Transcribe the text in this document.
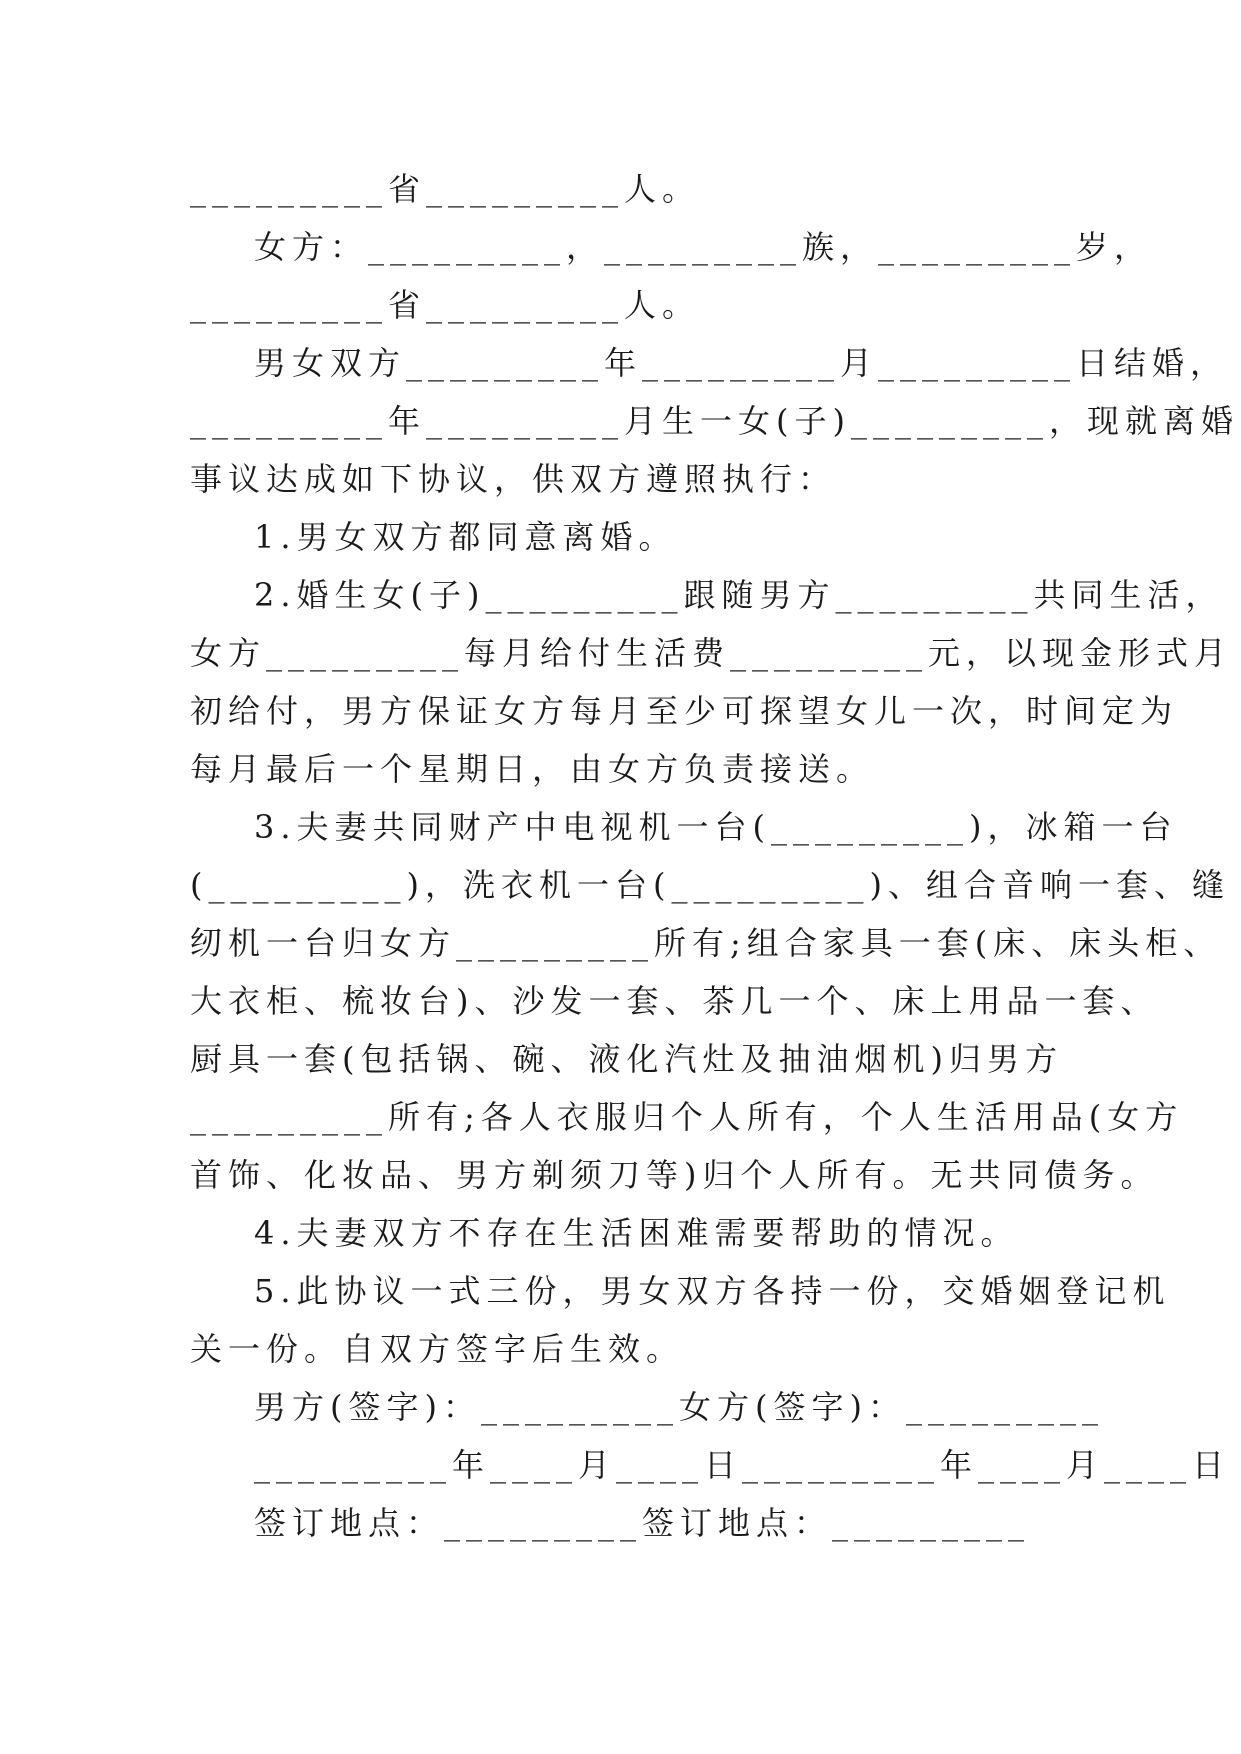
_________省_________人。
女方：_________，_________族，_________岁，
_________省_________人。
男女双方_________年_________月_________日结婚，
_________年_________月生一女(子)_________，现就离婚
事议达成如下协议，供双方遵照执行：
1.男女双方都同意离婚。
2.婚生女(子)_________跟随男方_________共同生活，
女方_________每月给付生活费_________元，以现金形式月
初给付，男方保证女方每月至少可探望女儿一次，时间定为
每月最后一个星期日，由女方负责接送。
3.夫妻共同财产中电视机一台(_________)，冰箱一台
(_________)，洗衣机一台(_________)、组合音响一套、缝
纫机一台归女方_________所有;组合家具一套(床、床头柜、
大衣柜、梳妆台)、沙发一套、茶几一个、床上用品一套、
厨具一套(包括锅、碗、液化汽灶及抽油烟机)归男方
_________所有;各人衣服归个人所有，个人生活用品(女方
首饰、化妆品、男方剃须刀等)归个人所有。无共同债务。
4.夫妻双方不存在生活困难需要帮助的情况。
5.此协议一式三份，男女双方各持一份，交婚姻登记机
关一份。自双方签字后生效。
男方(签字)：_________女方(签字)：_________
_________年____月____日_________年____月____日
签订地点：_________签订地点：_________
